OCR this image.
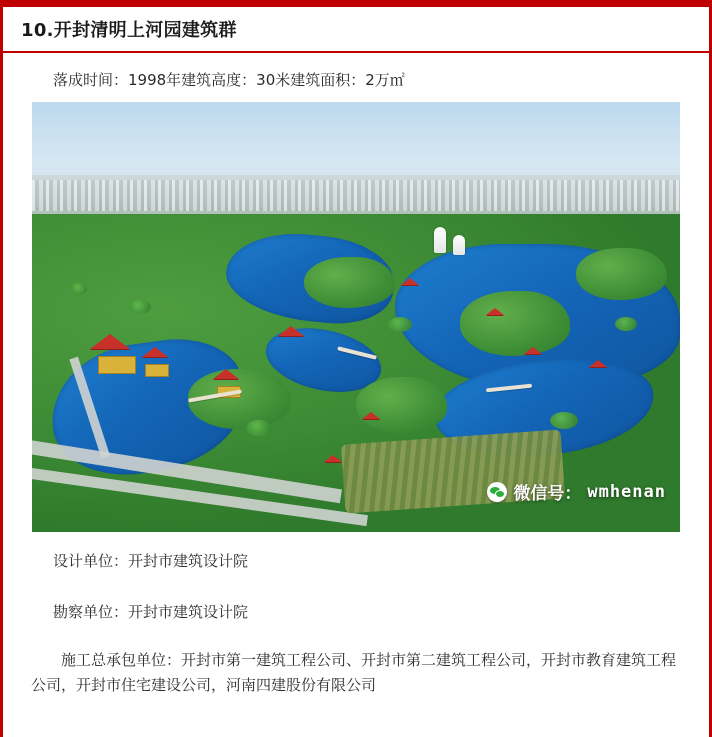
10.开封清明上河园建筑群
落成时间：1998年建筑高度：30米建筑面积：2万㎡
微信号： wmhenan
设计单位：开封市建筑设计院
勘察单位：开封市建筑设计院
施工总承包单位：开封市第一建筑工程公司、开封市第二建筑工程公司，开封市教育建筑工程公司，开封市住宅建设公司，河南四建股份有限公司
